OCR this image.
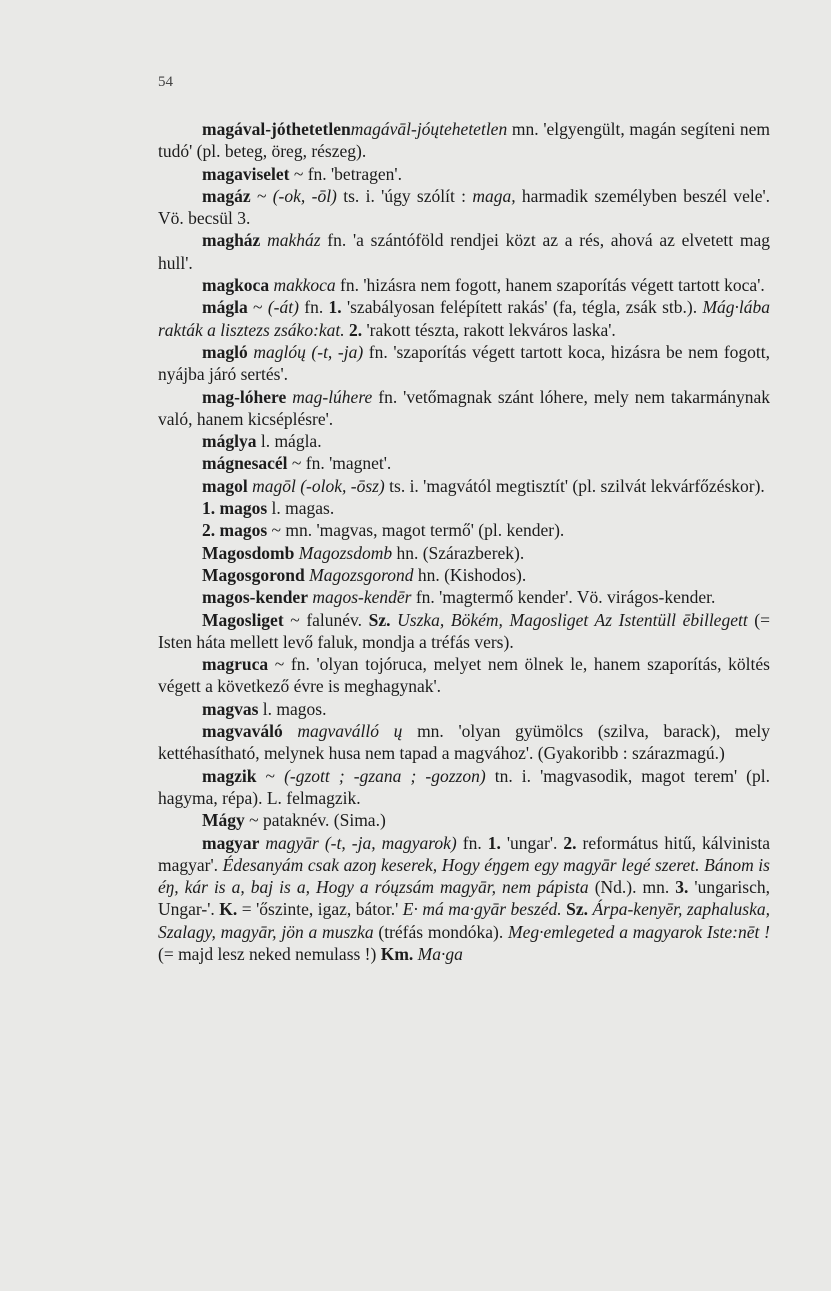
54

magával-jóthetetlenmagávāl-jóųtehetetlen mn. 'elgyengült, magán segíteni nem tudó' (pl. beteg, öreg, részeg).

magaviselet ~ fn. 'betragen'.

magáz ~ (-ok, -ōl) ts. i. 'úgy szólít : maga, harmadik személyben beszél vele'. Vö. becsül 3.

magház makház fn. 'a szántóföld rendjei közt az a rés, ahová az elvetett mag hull'.

magkoca makkoca fn. 'hizásra nem fogott, hanem szaporítás végett tartott koca'.

máglа ~ (-át) fn. 1. 'szabályosan felépített rakás' (fa, tégla, zsák stb.). Mág·lába rakták a lisztezs zsáko:kat. 2. 'rakott tészta, rakott lekváros laska'.

magló maglóų (-t, -ja) fn. 'szaporítás végett tartott koca, hizásra be nem fogott, nyájba járó sertés'.

mag-lóhere mag-lúhere fn. 'vetőmagnak szánt lóhere, mely nem takarmánynak való, hanem kicséplésre'.

máglya l. mágla.

mágnesacél ~ fn. 'magnet'.

magol magōl (-olok, -ōsz) ts. i. 'magvától megtisztít' (pl. szilvát lekvárfőzéskor).

1. magos l. magas.

2. magos ~ mn. 'magvas, magot termő' (pl. kender).

Magosdomb Magozsdomb hn. (Szárazberek).

Magosgorond Magozsgorond hn. (Kishodos).

magos-kender magos-kendēr fn. 'magtermő kender'. Vö. virágos-kender.

Magosliget ~ falunév. Sz. Uszka, Bökém, Magosliget Az Istentüll ēbillegett (= Isten háta mellett levő faluk, mondja a tréfás vers).

magruca ~ fn. 'olyan tojóruca, melyet nem ölnek le, hanem szaporítás, költés végett a következő évre is meghagynak'.

magvas l. magos.

magvaváló magvaválló ų mn. 'olyan gyümölcs (szilva, barack), mely kettéhasítható, melynek husa nem tapad a magvához'. (Gyakoribb : szárazmagú.)

magzik ~ (-gzott ; -gzana ; -gozzon) tn. i. 'magvasodik, magot terem' (pl. hagyma, répa). L. felmagzik.

Mágy ~ pataknév. (Sima.)

magyar magyār (-t, -ja, magyarok) fn. 1. 'ungar'. 2. református hitű, kálvinista magyar'. Édesanyám csak azoŋ keserek, Hogy éŋgem egy magyār legé szeret. Bánom is éŋ, kár is a, baj is a, Hogy a róųzsám magyār, nem pápista (Nd.). mn. 3. 'ungarisch, Ungar-'. K. = 'őszinte, igaz, bátor.' E· má ma·gyār beszéd. Sz. Árpa-kenyēr, zaphaluska, Szalagy, magyār, jön a muszka (tréfás mondóka). Meg·emlegeted a magyarok Iste:nēt ! (= majd lesz neked nemulass !) Km. Ma·ga
